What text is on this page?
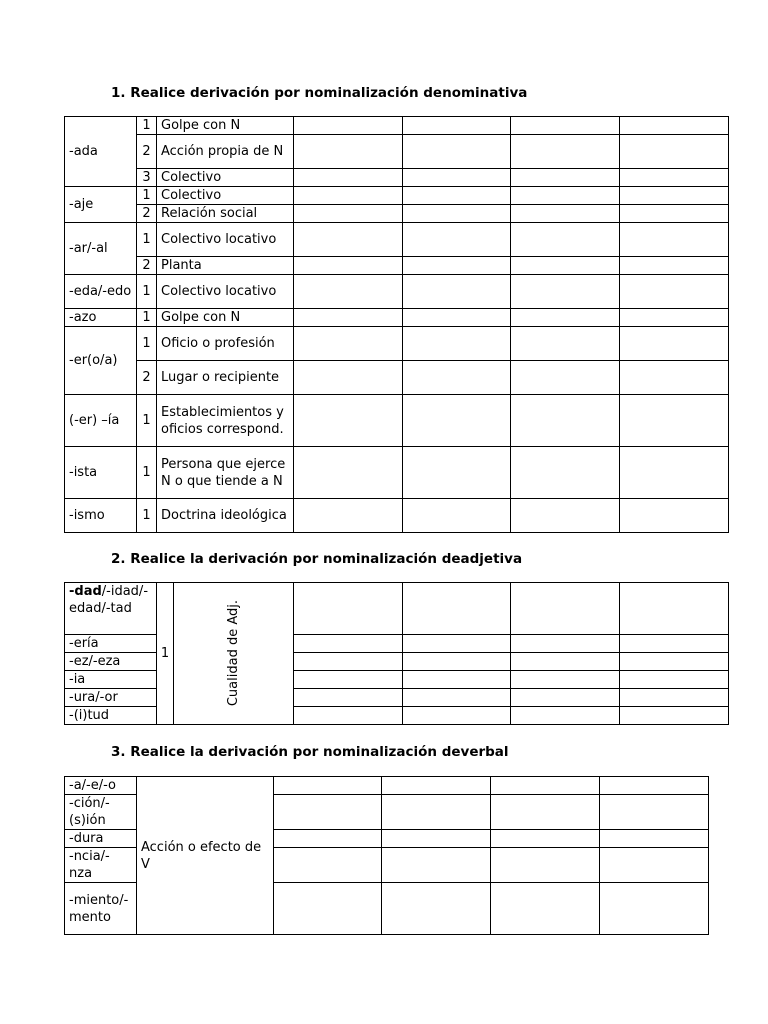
1. Realice derivación por nominalización denominativa
-ada	1	Golpe con N				
	2	Acción propia de N				
	3	Colectivo				
-aje	1	Colectivo				
	2	Relación social				
-ar/-al	1	Colectivo locativo				
	2	Planta				
-eda/-edo	1	Colectivo locativo				
-azo	1	Golpe con N				
-er(o/a)	1	Oficio o profesión				
	2	Lugar o recipiente				
(-er) –ía	1	Establecimientos y oficios correspond.				
-ista	1	Persona que ejerce N o que tiende a N				
-ismo	1	Doctrina ideológica				
2. Realice la derivación por nominalización deadjetiva
-dad/-idad/-edad/-tad	1	Cualidad de Adj.				

-ería						
-ez/-eza						
-ia						
-ura/-or						
-(i)tud						
3. Realice la derivación por nominalización deverbal
-a/-e/-o	Acción o efecto de V				
-ción/-(s)ión					
-dura					
-ncia/-nza					
-miento/-mento					
